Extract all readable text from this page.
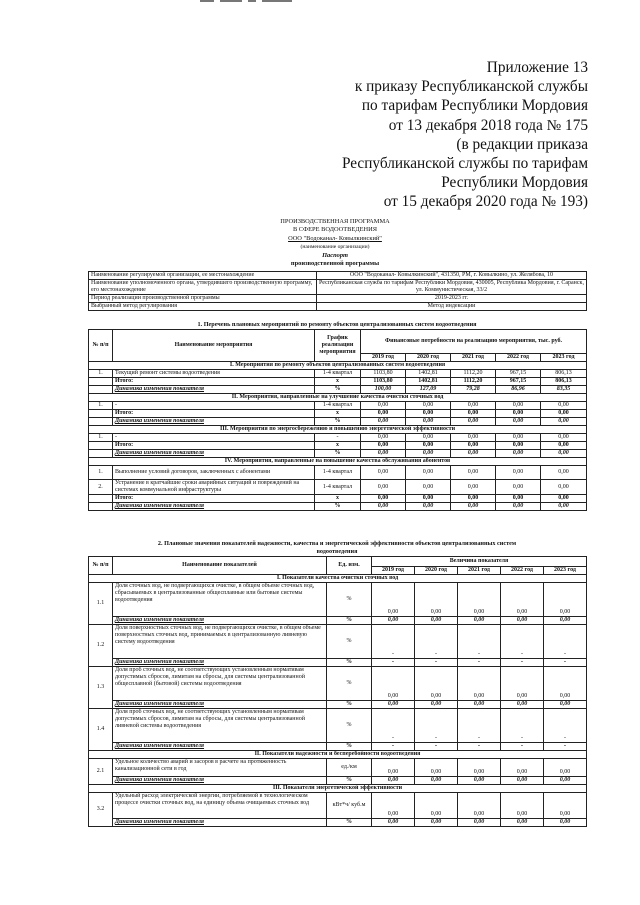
Приложение 13
к приказу Республиканской службы
по тарифам Республики Мордовия
от 13 декабря 2018 года № 175
(в редакции приказа
Республиканской службы по тарифам
Республики Мордовия
от 15 декабря 2020 года № 193)
ПРОИЗВОДСТВЕННАЯ ПРОГРАММА
В СФЕРЕ ВОДООТВЕДЕНИЯ
ООО "Водоканал- Ковылкинский"
(наименование организации)
Паспорт
производственной программы
Наименование регулируемой организации, ее местонахождение	ООО "Водоканал- Ковылкинский", 431350, РМ, г. Ковылкино, ул. Желябова, 10
Наименование уполномоченного органа, утвердившего производственную программу, его местонахождение	Республиканская служба по тарифам Республики Мордовия, 430005, Республика Мордовия, г. Саранск, ул. Коммунистическая, 33/2
Период реализации производственной программы	2019-2023 гг.
Выбранный метод регулирования	Метод индексации
1. Перечень плановых мероприятий по ремонту объектов централизованных систем водоотведения
№ п/п	Наименование мероприятия	График реализации мероприятия	Финансовые потребности на реализацию мероприятия, тыс. руб.				
			2019 год	2020 год	2021 год	2022 год	2023 год
I. Мероприятия по ремонту объектов централизованных систем водоотведения							
1.	Текущий ремонт системы водоотведения	1-4 квартал	1103,80	1402,81	1112,20	967,15	806,13
	Итого:	х	1103,80	1402,81	1112,20	967,15	806,13
	Динамика изменения показателя	%	100,00	127,09	79,28	86,96	83,35
II. Мероприятия, направленные на улучшение качества очистки сточных вод							
1.	-	1-4 квартал	0,00	0,00	0,00	0,00	0,00
	Итого:	х	0,00	0,00	0,00	0,00	0,00
	Динамика изменения показателя	%	0,00	0,00	0,00	0,00	0,00
III. Мероприятия по энергосбережению и повышению энергетической эффективности							
1.	-	-	0,00	0,00	0,00	0,00	0,00
	Итого:	х	0,00	0,00	0,00	0,00	0,00
	Динамика изменения показателя	%	0,00	0,00	0,00	0,00	0,00
IV. Мероприятия, направленные на повышение качества обслуживания абонентов							
1.	Выполнение условий договоров, заключенных с абонентами	1-4 квартал	0,00	0,00	0,00	0,00	0,00
2.	Устранение в кратчайшие сроки аварийных ситуаций и повреждений на системах коммунальной инфраструктуры	1-4 квартал	0,00	0,00	0,00	0,00	0,00
	Итого:	х	0,00	0,00	0,00	0,00	0,00
	Динамика изменения показателя	%	0,00	0,00	0,00	0,00	0,00
2. Плановые значения показателей надежности, качества и энергетической эффективности объектов централизованных систем
водоотведения
№ п/п	Наименование показателей	Ед. изм.	Величина показателя				
			2019 год	2020 год	2021 год	2022 год	2023 год
I. Показатели качества очистки сточных вод							
1.1	Доля сточных вод, не подвергающихся очистке, в общем объеме сточных вод, сбрасываемых в централизованные общесплавные или бытовые системы водоотведения	%	0,00	0,00	0,00	0,00	0,00
	Динамика изменения показателя	%	0,00	0,00	0,00	0,00	0,00
1.2	Доля поверхностных сточных вод, не подвергающихся очистке, в общем объеме поверхностных сточных вод, принимаемых в централизованную ливневую систему водоотведения	%	-	-	-	-	-
	Динамика изменения показателя	%	-	-	-	-	-
1.3	Доля проб сточных вод, не соответствующих установленным нормативам допустимых сбросов, лимитам на сбросы, для системы централизованной общесплавной (бытовой) системы водоотведения	%	0,00	0,00	0,00	0,00	0,00
	Динамика изменения показателя	%	0,00	0,00	0,00	0,00	0,00
1.4	Доля проб сточных вод, не соответствующих установленным нормативам допустимых сбросов, лимитам на сбросы, для системы централизованной ливневой системы водоотведения	%	-	-	-	-	-
	Динамика изменения показателя	%	-	-	-	-	-
II. Показатели надежности и бесперебойности водоотведения							
2.1	Удельное количество аварий и засоров в расчете на протяженность канализационной сети в год	ед./км	0,00	0,00	0,00	0,00	0,00
	Динамика изменения показателя	%	0,00	0,00	0,00	0,00	0,00
III. Показатели энергетической эффективности							
3.2	Удельный расход электрической энергии, потребляемой в технологическом процессе очистки сточных вод, на единицу объема очищаемых сточных вод	кВт*ч/ куб.м	0,00	0,00	0,00	0,00	0,00
	Динамика изменения показателя	%	0,00	0,00	0,00	0,00	0,00
